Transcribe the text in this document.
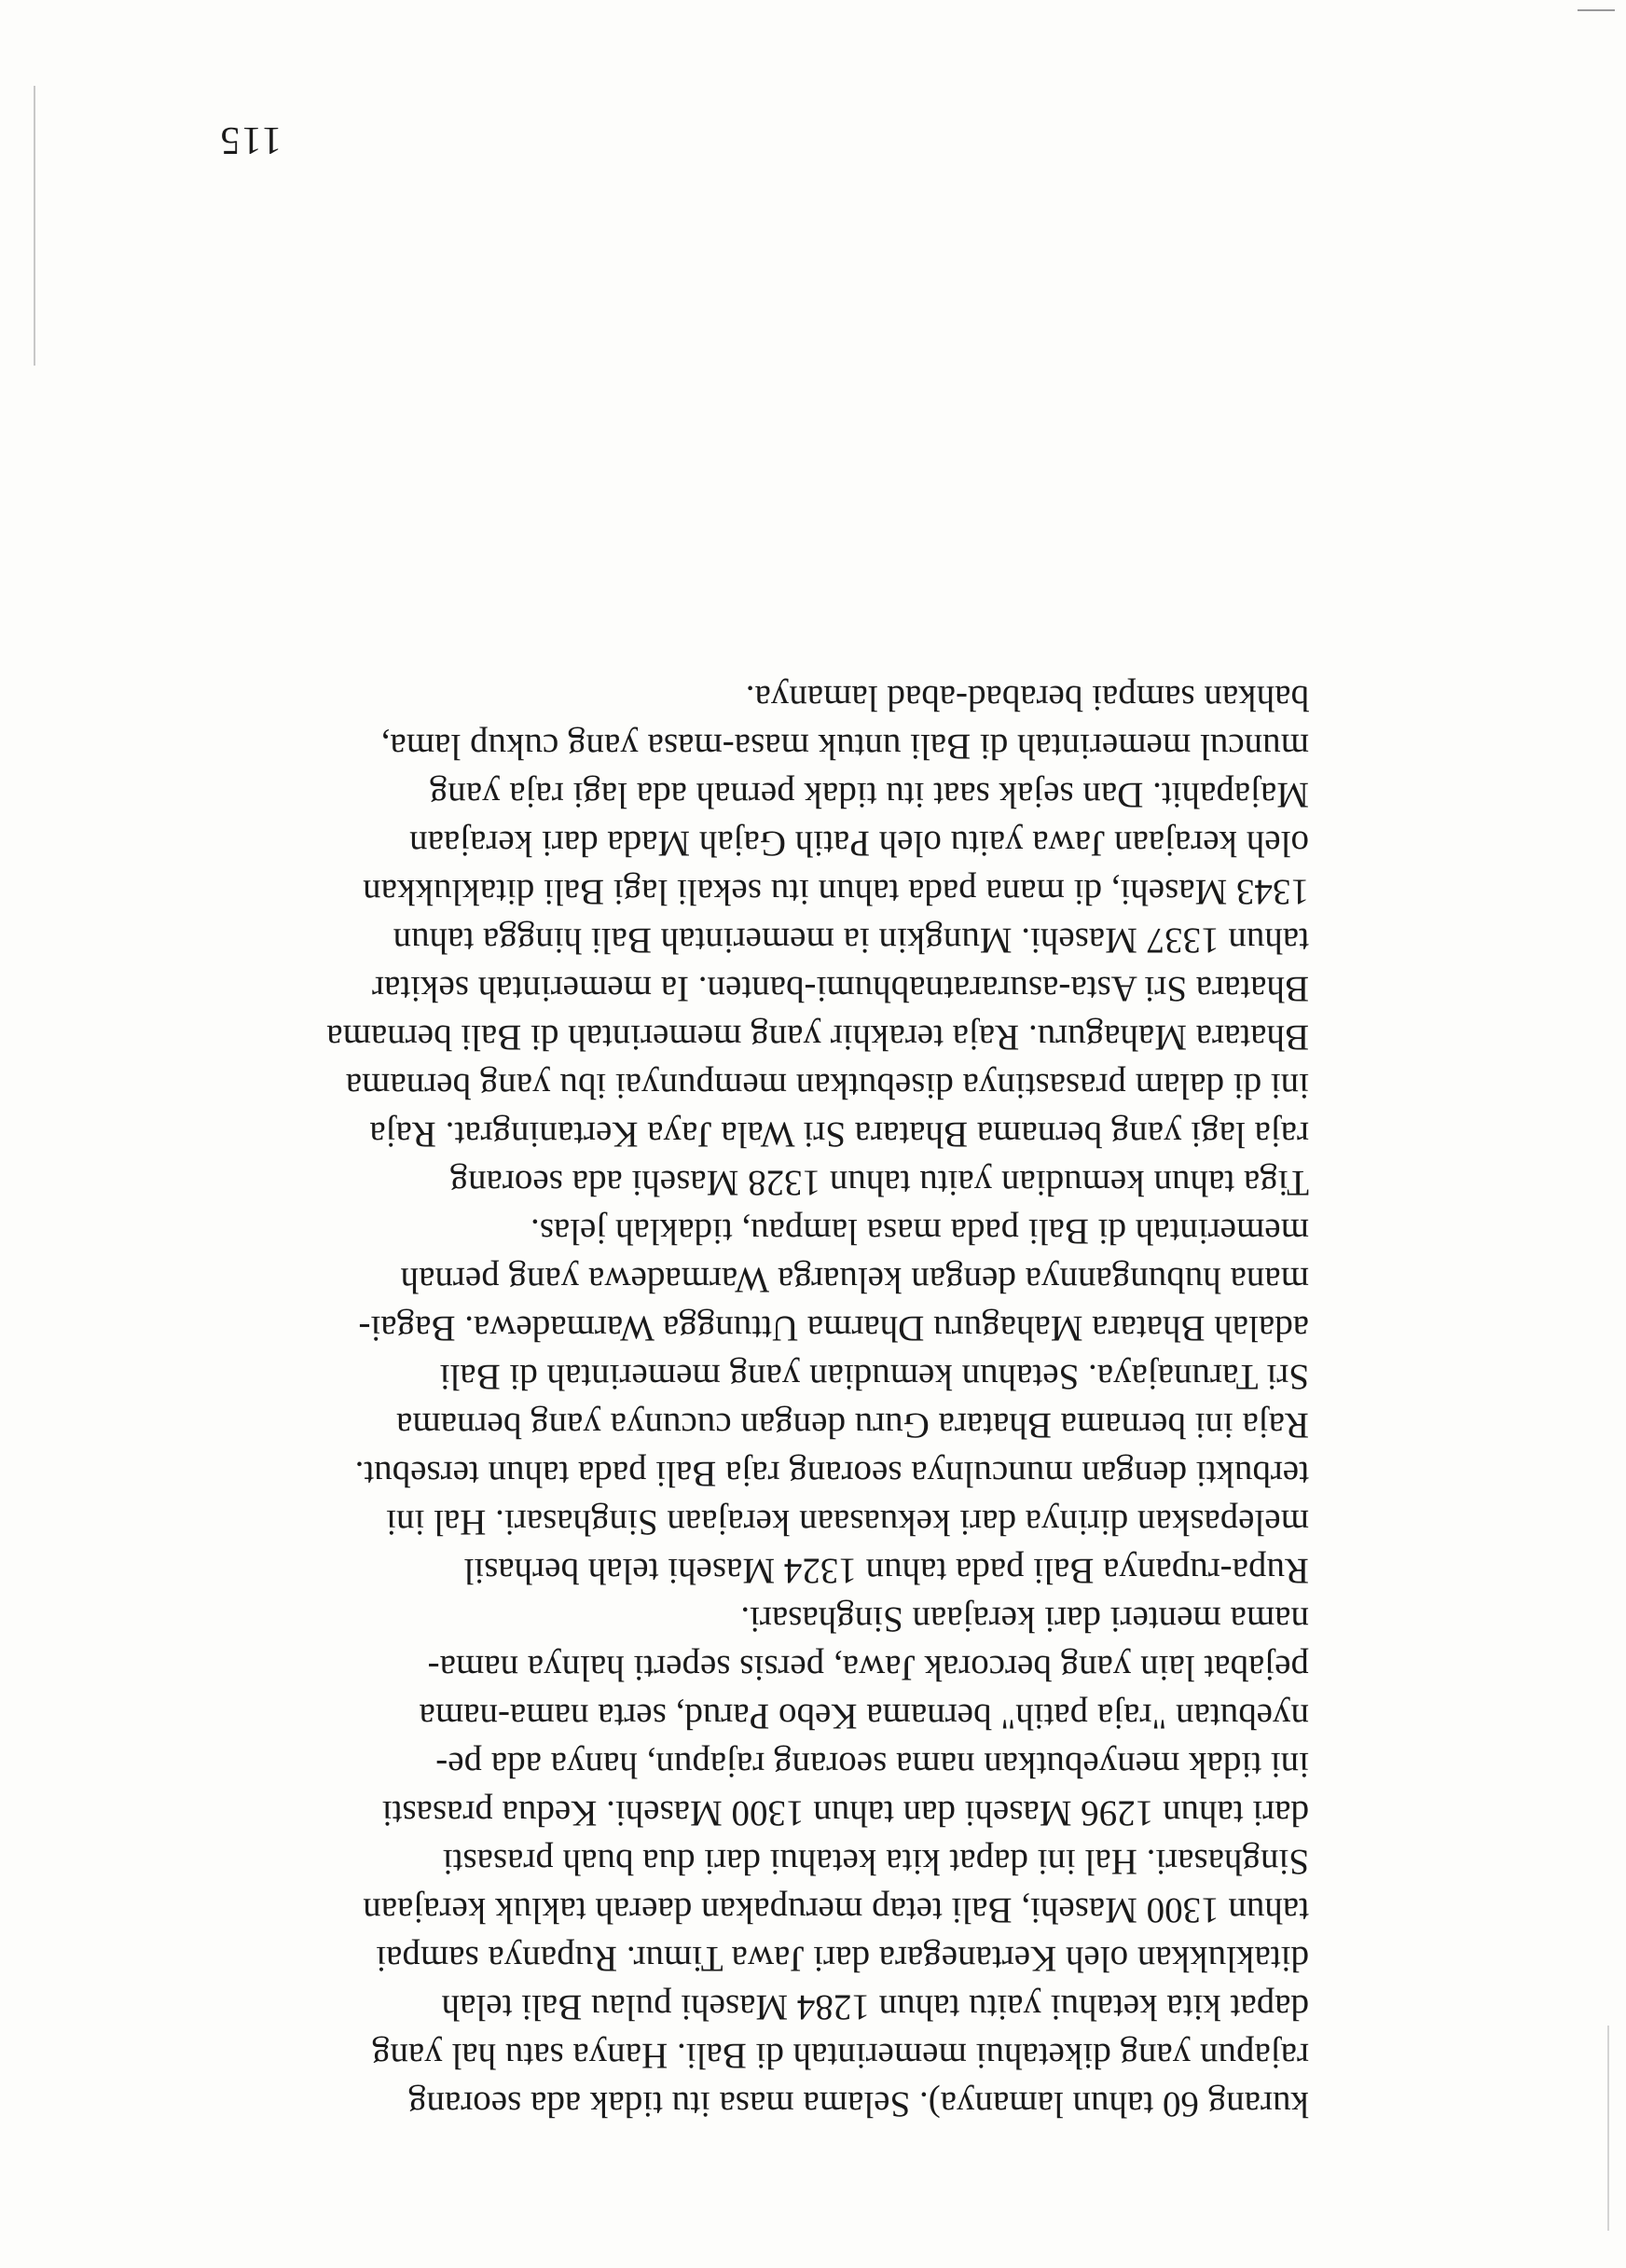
kurang 60 tahun lamanya). Selama masa itu tidak ada seorang
rajapun yang diketahui memerintah di Bali. Hanya satu hal yang
dapat kita ketahui yaitu tahun 1284 Masehi pulau Bali telah
ditaklukkan oleh Kertanegara dari Jawa Timur. Rupanya sampai
tahun 1300 Masehi, Bali tetap merupakan daerah takluk kerajaan
Singhasari. Hal ini dapat kita ketahui dari dua buah prasasti
dari tahun 1296 Masehi dan tahun 1300 Masehi. Kedua prasasti
ini tidak menyebutkan nama seorang rajapun, hanya ada pe-
nyebutan "raja patih" bernama Kebo Parud, serta nama-nama
pejabat lain yang bercorak Jawa, persis seperti halnya nama-
nama menteri dari kerajaan Singhasari.

Rupa-rupanya Bali pada tahun 1324 Masehi telah berhasil
melepaskan dirinya dari kekuasaan kerajaan Singhasari. Hal ini
terbukti dengan munculnya seorang raja Bali pada tahun tersebut.
Raja ini bernama Bhatara Guru dengan cucunya yang bernama
Sri Tarunajaya. Setahun kemudian yang memerintah di Bali
adalah Bhatara Mahaguru Dharma Uttungga Warmadewa. Bagai-
mana hubungannya dengan keluarga Warmadewa yang pernah
memerintah di Bali pada masa lampau, tidaklah jelas.

Tiga tahun kemudian yaitu tahun 1328 Masehi ada seorang
raja lagi yang bernama Bhatara Sri Wala Jaya Kertaningrat. Raja
ini di dalam prasastinya disebutkan mempunyai ibu yang bernama
Bhatara Mahaguru. Raja terakhir yang memerintah di Bali bernama
Bhatara Sri Asta-asuraratnabhumi-banten. Ia memerintah sekitar
tahun 1337 Masehi. Mungkin ia memerintah Bali hingga tahun
1343 Masehi, di mana pada tahun itu sekali lagi Bali ditaklukkan
oleh kerajaan Jawa yaitu oleh Patih Gajah Mada dari kerajaan
Majapahit. Dan sejak saat itu tidak pernah ada lagi raja yang
muncul memerintah di Bali untuk masa-masa yang cukup lama,
bahkan sampai berabad-abad lamanya.

115
